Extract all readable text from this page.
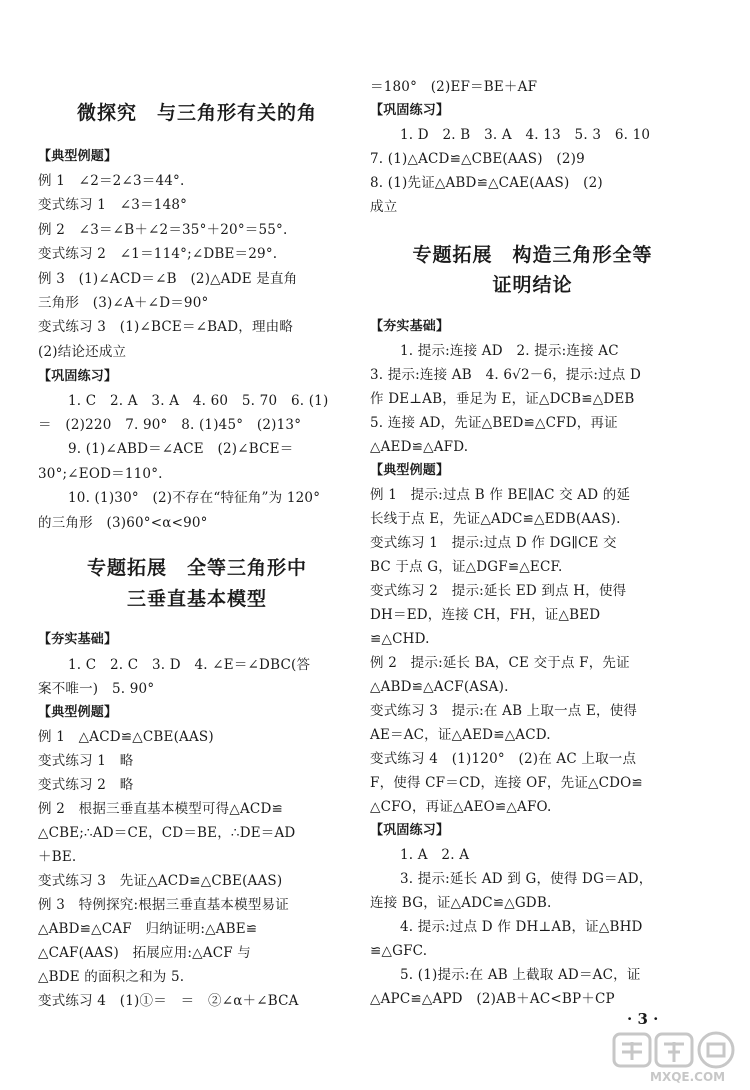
微探究　与三角形有关的角
【典型例题】
例 1　∠2＝2∠3＝44°.
变式练习 1　∠3＝148°
例 2　∠3＝∠B＋∠2＝35°＋20°＝55°.
变式练习 2　∠1＝114°;∠DBE＝29°.
例 3　(1)∠ACD＝∠B　(2)△ADE 是直角
三角形　(3)∠A＋∠D＝90°
变式练习 3　(1)∠BCE＝∠BAD，理由略
(2)结论还成立
【巩固练习】
1. C　2. A　3. A　4. 60　5. 70　6. (1)
＝　(2)220　7. 90°　8. (1)45°　(2)13°
9. (1)∠ABD＝∠ACE　(2)∠BCE＝
30°;∠EOD＝110°.
10. (1)30°　(2)不存在“特征角”为 120°
的三角形　(3)60°<α<90°
专题拓展　全等三角形中
三垂直基本模型
【夯实基础】
1. C　2. C　3. D　4. ∠E＝∠DBC(答
案不唯一)　5. 90°
【典型例题】
例 1　△ACD≌△CBE(AAS)
变式练习 1　略
变式练习 2　略
例 2　根据三垂直基本模型可得△ACD≌
△CBE;∴AD＝CE，CD＝BE，∴DE＝AD
＋BE.
变式练习 3　先证△ACD≌△CBE(AAS)
例 3　特例探究:根据三垂直基本模型易证
△ABD≌△CAF　归纳证明:△ABE≌
△CAF(AAS)　拓展应用:△ACF 与
△BDE 的面积之和为 5.
变式练习 4　(1)①＝　＝　②∠α＋∠BCA
＝180°　(2)EF＝BE＋AF
【巩固练习】
1. D　2. B　3. A　4. 13　5. 3　6. 10
7. (1)△ACD≌△CBE(AAS)　(2)9
8. (1)先证△ABD≌△CAE(AAS)　(2)
成立
专题拓展　构造三角形全等
证明结论
【夯实基础】
1. 提示:连接 AD　2. 提示:连接 AC
3. 提示:连接 AB　4. 6√2－6，提示:过点 D
作 DE⊥AB，垂足为 E，证△DCB≌△DEB
5. 连接 AD，先证△BED≌△CFD，再证
△AED≌△AFD.
【典型例题】
例 1　提示:过点 B 作 BE∥AC 交 AD 的延
长线于点 E，先证△ADC≌△EDB(AAS).
变式练习 1　提示:过点 D 作 DG∥CE 交
BC 于点 G，证△DGF≌△ECF.
变式练习 2　提示:延长 ED 到点 H，使得
DH＝ED，连接 CH，FH，证△BED
≌△CHD.
例 2　提示:延长 BA，CE 交于点 F，先证
△ABD≌△ACF(ASA).
变式练习 3　提示:在 AB 上取一点 E，使得
AE＝AC，证△AED≌△ACD.
变式练习 4　(1)120°　(2)在 AC 上取一点
F，使得 CF＝CD，连接 OF，先证△CDO≌
△CFO，再证△AEO≌△AFO.
【巩固练习】
1. A　2. A
3. 提示:延长 AD 到 G，使得 DG＝AD，
连接 BG，证△ADC≌△GDB.
4. 提示:过点 D 作 DH⊥AB，证△BHD
≌△GFC.
5. (1)提示:在 AB 上截取 AD＝AC，证
△APC≌△APD　(2)AB＋AC<BP＋CP
· 3 ·
MXQE.COM
